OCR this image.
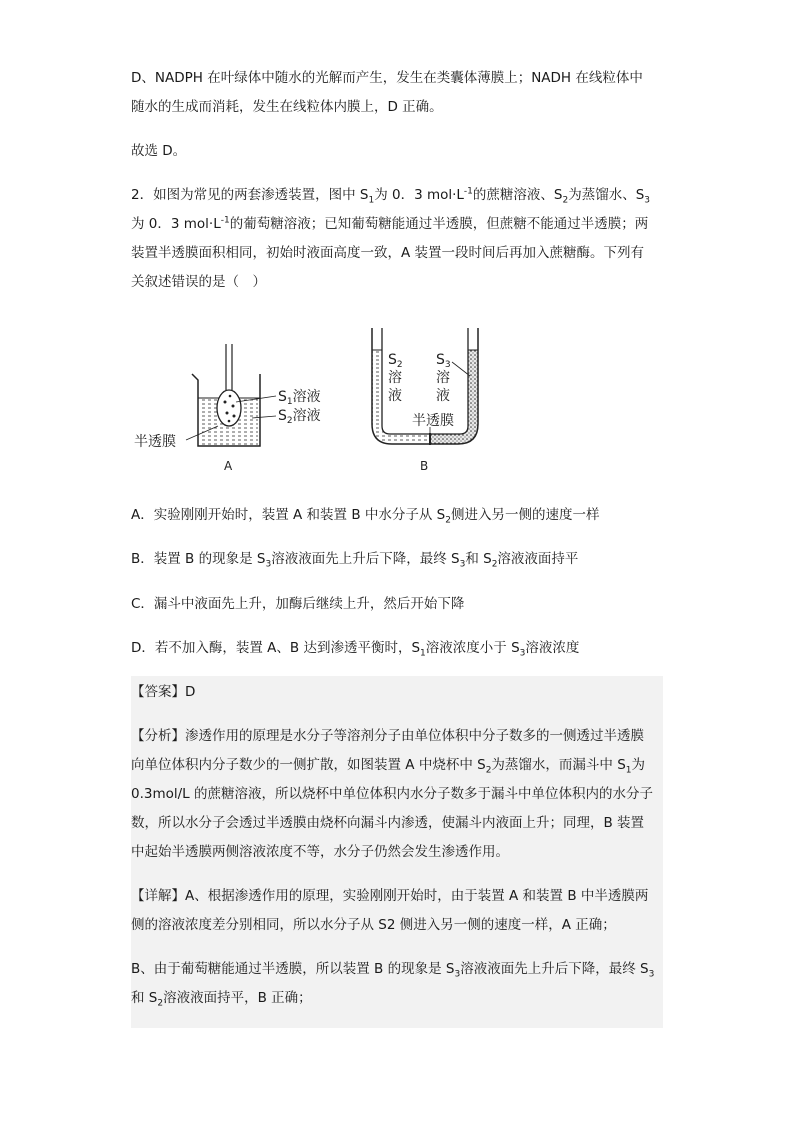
D、NADPH 在叶绿体中随水的光解而产生，发生在类囊体薄膜上；NADH 在线粒体中

随水的生成而消耗，发生在线粒体内膜上，D 正确。

故选 D。

2．如图为常见的两套渗透装置，图中 $S_1$为 0．3 $mol\cdot L^{-1}$的蔗糖溶液、$S_2$为蒸馏水、$S_3$

为 0．3 $mol\cdot L^{-1}$的葡萄糖溶液；已知葡萄糖能通过半透膜，但蔗糖不能通过半透膜；两

装置半透膜面积相同，初始时液面高度一致，A 装置一段时间后再加入蔗糖酶。下列有

关叙述错误的是（　）

$S_1$溶液
$S_2$溶液
半透膜
A
$S_2$
溶
液
$S_3$
溶
液
半透膜
B

A．实验刚刚开始时，装置 A 和装置 B 中水分子从 $S_2$侧进入另一侧的速度一样

B．装置 B 的现象是 $S_3$溶液液面先上升后下降，最终 $S_3$和 $S_2$溶液液面持平

C．漏斗中液面先上升，加酶后继续上升，然后开始下降

D．若不加入酶，装置 A、B 达到渗透平衡时，$S_1$溶液浓度小于 $S_3$溶液浓度

【答案】D

【分析】渗透作用的原理是水分子等溶剂分子由单位体积中分子数多的一侧透过半透膜

向单位体积内分子数少的一侧扩散，如图装置 A 中烧杯中 $S_2$为蒸馏水，而漏斗中 $S_1$为

0.3mol/L 的蔗糖溶液，所以烧杯中单位体积内水分子数多于漏斗中单位体积内的水分子

数，所以水分子会透过半透膜由烧杯向漏斗内渗透，使漏斗内液面上升；同理，B 装置

中起始半透膜两侧溶液浓度不等，水分子仍然会发生渗透作用。

【详解】A、根据渗透作用的原理，实验刚刚开始时，由于装置 A 和装置 B 中半透膜两

侧的溶液浓度差分别相同，所以水分子从 S2 侧进入另一侧的速度一样，A 正确；

B、由于葡萄糖能通过半透膜，所以装置 B 的现象是 $S_3$溶液液面先上升后下降，最终 $S_3$

和 $S_2$溶液液面持平，B 正确；
